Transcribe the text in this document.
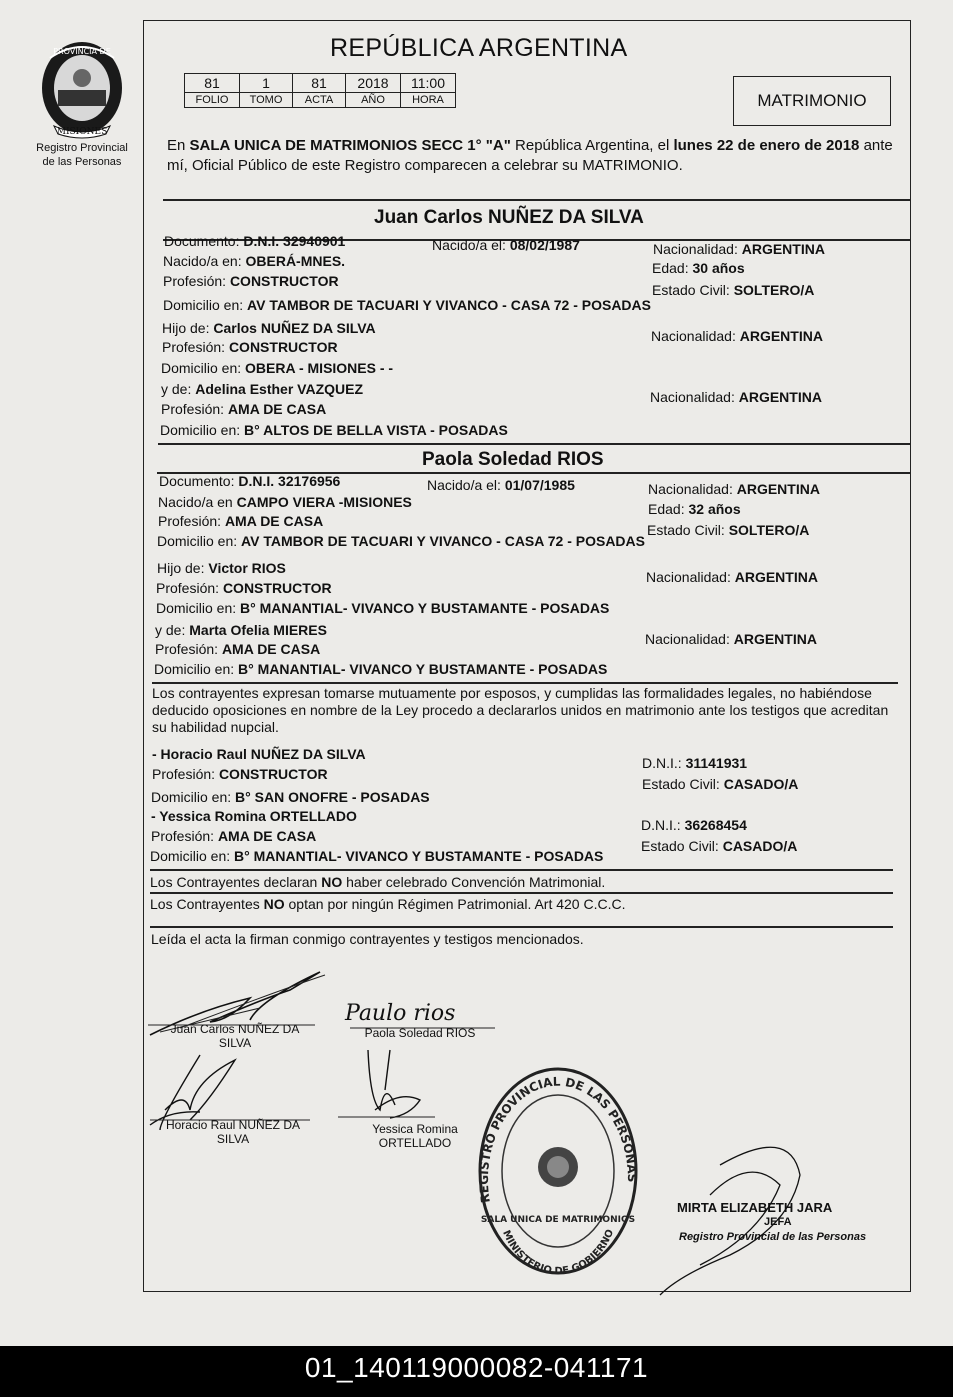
PROVINCIA DE
MISIONES
Registro Provincial
de las Personas
REPÚBLICA ARGENTINA
81	1	81	2018	11:00
FOLIO	TOMO	ACTA	AÑO	HORA	MATRIMONIO
En SALA UNICA DE MATRIMONIOS SECC 1° "A" República Argentina, el lunes 22 de enero de 2018 ante mí, Oficial Público de este Registro comparecen a celebrar su MATRIMONIO.
Juan Carlos NUÑEZ DA SILVA
Documento: D.N.I. 32940901	Nacido/a el: 08/02/1987	Nacionalidad: ARGENTINA
Nacido/a en: OBERÁ-MNES.	Edad: 30 años
Profesión: CONSTRUCTOR
Estado Civil: SOLTERO/A
Domicilio en: AV TAMBOR DE TACUARI Y VIVANCO - CASA 72 - POSADAS
Hijo de: Carlos NUÑEZ DA SILVA	Nacionalidad: ARGENTINA
Profesión: CONSTRUCTOR
Domicilio en: OBERA - MISIONES - -
y de: Adelina Esther VAZQUEZ	Nacionalidad: ARGENTINA
Profesión: AMA DE CASA
Domicilio en: B° ALTOS DE BELLA VISTA - POSADAS
Paola Soledad RIOS
Documento: D.N.I. 32176956	Nacido/a el: 01/07/1985	Nacionalidad: ARGENTINA
Nacido/a en CAMPO VIERA -MISIONES	Edad: 32 años
Profesión: AMA DE CASA
Estado Civil: SOLTERO/A
Domicilio en: AV TAMBOR DE TACUARI Y VIVANCO - CASA 72 - POSADAS
Hijo de: Victor RIOS
Nacionalidad: ARGENTINA
Profesión: CONSTRUCTOR
Domicilio en: B° MANANTIAL- VIVANCO Y BUSTAMANTE - POSADAS
y de: Marta Ofelia MIERES
Nacionalidad: ARGENTINA
Profesión: AMA DE CASA
Domicilio en: B° MANANTIAL- VIVANCO Y BUSTAMANTE - POSADAS
Los contrayentes expresan tomarse mutuamente por esposos, y cumplidas las formalidades legales, no habiéndose deducido oposiciones en nombre de la Ley procedo a declararlos unidos en matrimonio ante los testigos que acreditan su habilidad nupcial.
- Horacio Raul NUÑEZ DA SILVA
D.N.I.: 31141931
Profesión: CONSTRUCTOR
Estado Civil: CASADO/A
Domicilio en: B° SAN ONOFRE - POSADAS
- Yessica Romina ORTELLADO
D.N.I.: 36268454
Profesión: AMA DE CASA
Estado Civil: CASADO/A
Domicilio en: B° MANANTIAL- VIVANCO Y BUSTAMANTE - POSADAS
Los Contrayentes declaran NO haber celebrado Convención Matrimonial.
Los Contrayentes NO optan por ningún Régimen Patrimonial. Art 420 C.C.C.
Leída el acta la firman conmigo contrayentes y testigos mencionados.
Paulo rios
Juan Carlos NUÑEZ DA
SILVA
Paola Soledad RIOS
Horacio Raul NUÑEZ DA
SILVA
Yessica Romina
ORTELLADO
REGISTRO PROVINCIAL DE LAS PERSONAS
MINISTERIO DE GOBIERNO
SALA UNICA DE MATRIMONIOS
MIRTA ELIZABETH JARA
JEFA
Registro Provincial de las Personas
01_140119000082-041171
